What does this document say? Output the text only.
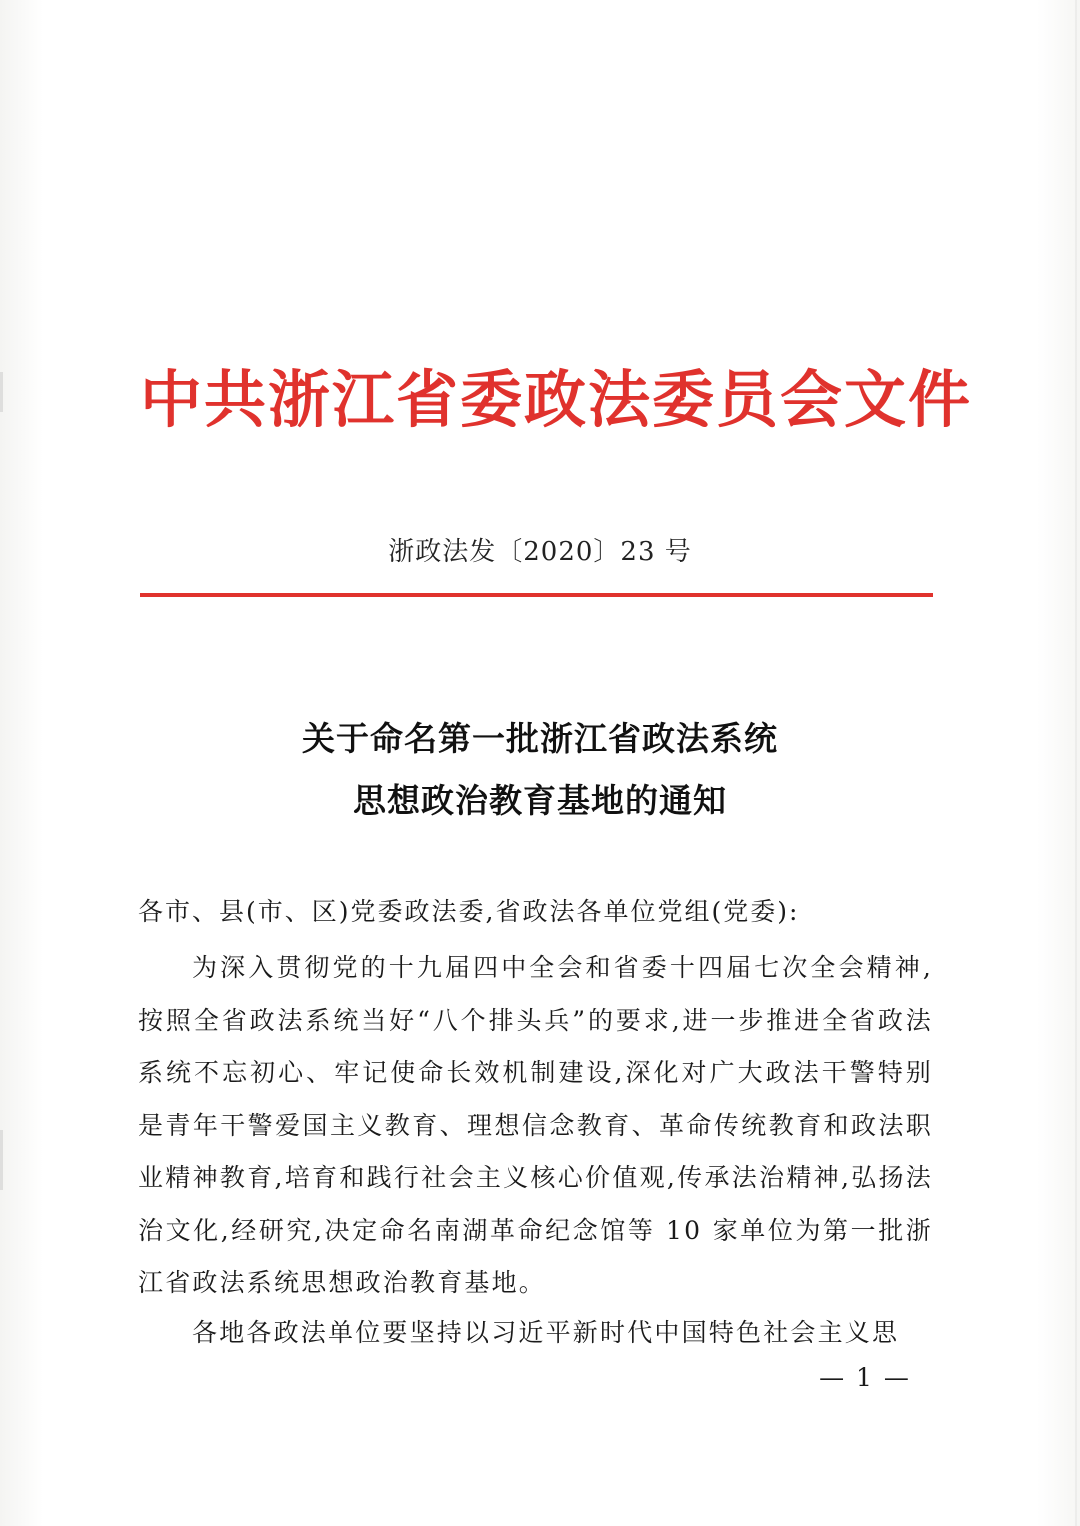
中共浙江省委政法委员会文件
浙政法发〔2020〕23 号
关于命名第一批浙江省政法系统
思想政治教育基地的通知
各市、县(市、区)党委政法委,省政法各单位党组(党委):
为深入贯彻党的十九届四中全会和省委十四届七次全会精神,按照全省政法系统当好“八个排头兵”的要求,进一步推进全省政法系统不忘初心、牢记使命长效机制建设,深化对广大政法干警特别是青年干警爱国主义教育、理想信念教育、革命传统教育和政法职业精神教育,培育和践行社会主义核心价值观,传承法治精神,弘扬法治文化,经研究,决定命名南湖革命纪念馆等 10 家单位为第一批浙江省政法系统思想政治教育基地。
各地各政法单位要坚持以习近平新时代中国特色社会主义思
— 1 —
